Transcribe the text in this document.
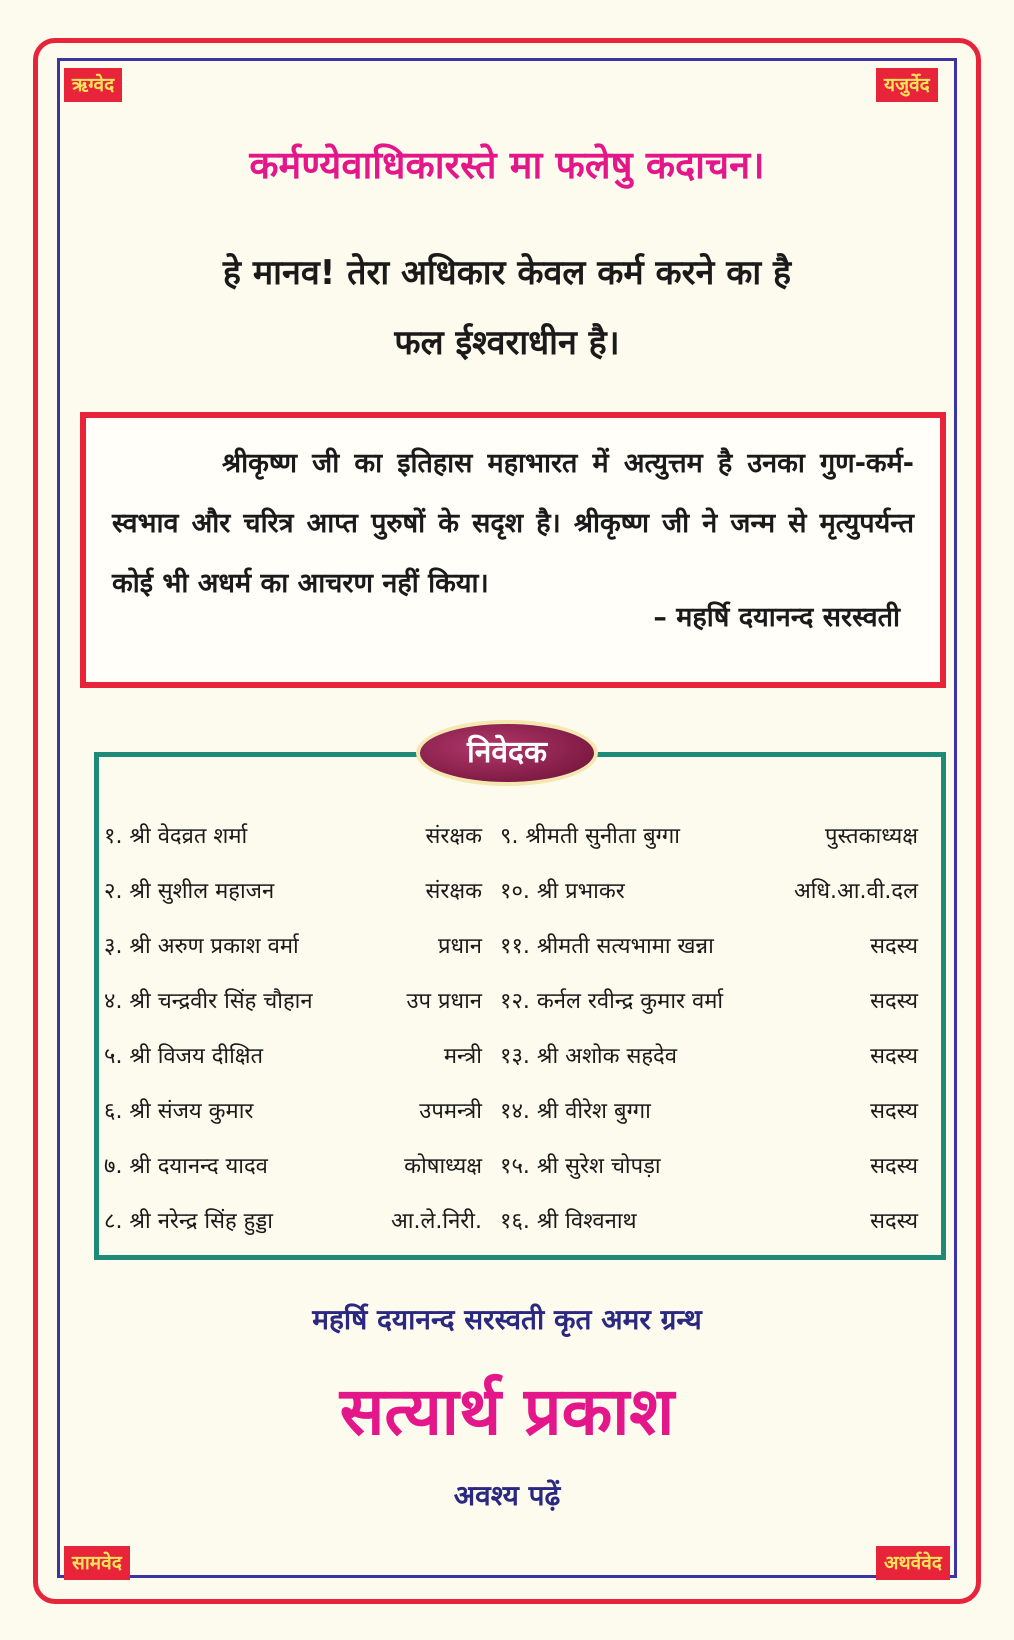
ऋग्वेद	यजुर्वेद
सामवेद	अथर्ववेद
कर्मण्येवाधिकारस्ते मा फलेषु कदाचन।
हे मानव! तेरा अधिकार केवल कर्म करने का है
फल ईश्वराधीन है।
श्रीकृष्ण जी का इतिहास महाभारत में अत्युत्तम है उनका गुण-कर्म-स्वभाव और चरित्र आप्त पुरुषों के सदृश है। श्रीकृष्ण जी ने जन्म से मृत्युपर्यन्त कोई भी अधर्म का आचरण नहीं किया।
– महर्षि दयानन्द सरस्वती
निवेदक
१. श्री वेदव्रत शर्मा	संरक्षक
२. श्री सुशील महाजन	संरक्षक
३. श्री अरुण प्रकाश वर्मा	प्रधान
४. श्री चन्द्रवीर सिंह चौहान	उप प्रधान
५. श्री विजय दीक्षित	मन्त्री
६. श्री संजय कुमार	उपमन्त्री
७. श्री दयानन्द यादव	कोषाध्यक्ष
८. श्री नरेन्द्र सिंह हुड्डा	आ.ले.निरी.
९. श्रीमती सुनीता बुग्गा	पुस्तकाध्यक्ष
१०. श्री प्रभाकर	अधि.आ.वी.दल
११. श्रीमती सत्यभामा खन्ना	सदस्य
१२. कर्नल रवीन्द्र कुमार वर्मा	सदस्य
१३. श्री अशोक सहदेव	सदस्य
१४. श्री वीरेश बुग्गा	सदस्य
१५. श्री सुरेश चोपड़ा	सदस्य
१६. श्री विश्वनाथ	सदस्य
महर्षि दयानन्द सरस्वती कृत अमर ग्रन्थ
सत्यार्थ प्रकाश
अवश्य पढ़ें
